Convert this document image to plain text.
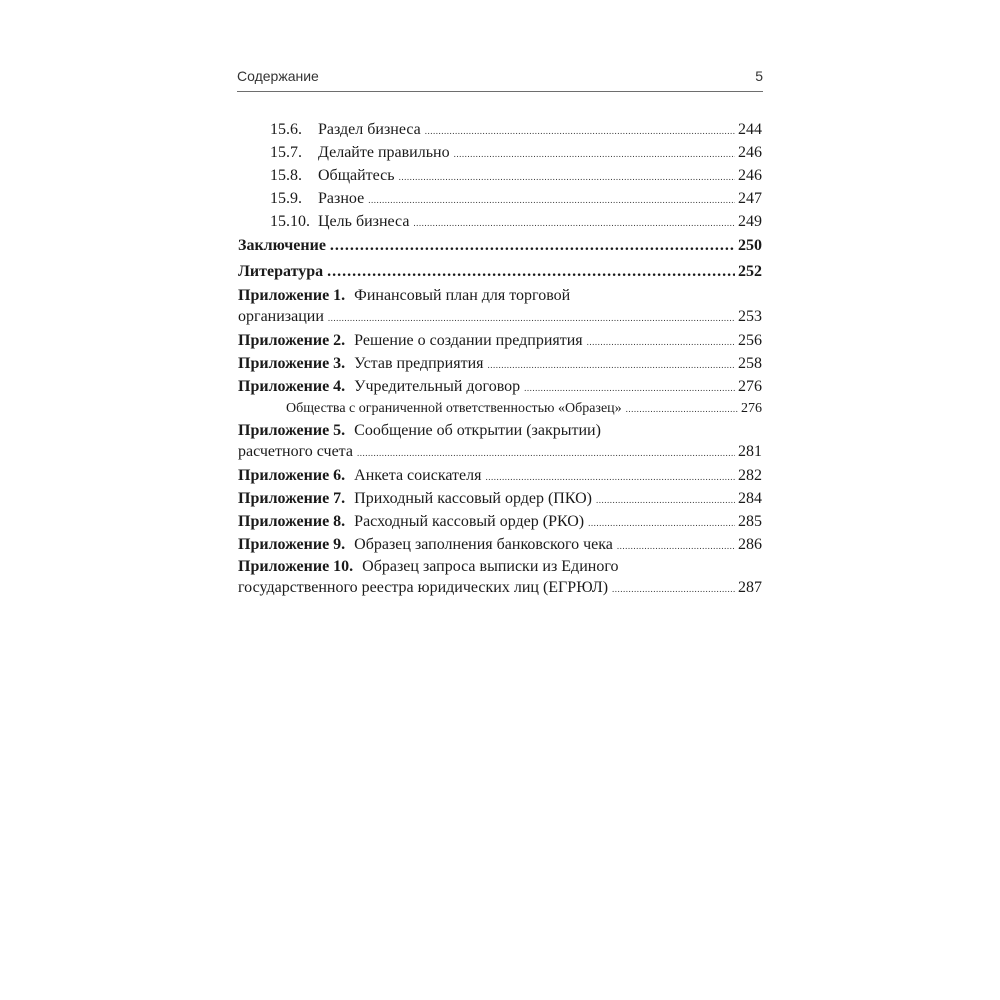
Содержание	5
15.6.	Раздел бизнеса .....	244
15.7.	Делайте правильно .....	246
15.8.	Общайтесь .....	246
15.9.	Разное .....	247
15.10. Цель бизнеса .....	249
Заключение .....	250
Литература .....	252
Приложение 1. Финансовый план для торговой
организации .....	253
Приложение 2. Решение о создании предприятия .....	256
Приложение 3. Устав предприятия .....	258
Приложение 4. Учредительный договор .....	276
Общества с ограниченной ответственностью «Образец» .....	276
Приложение 5. Сообщение об открытии (закрытии)
расчетного счета .....	281
Приложение 6. Анкета соискателя .....	282
Приложение 7. Приходный кассовый ордер (ПКО) .....	284
Приложение 8. Расходный кассовый ордер (РКО) .....	285
Приложение 9. Образец заполнения банковского чека .....	286
Приложение 10. Образец запроса выписки из Единого
государственного реестра юридических лиц (ЕГРЮЛ) .....	287
